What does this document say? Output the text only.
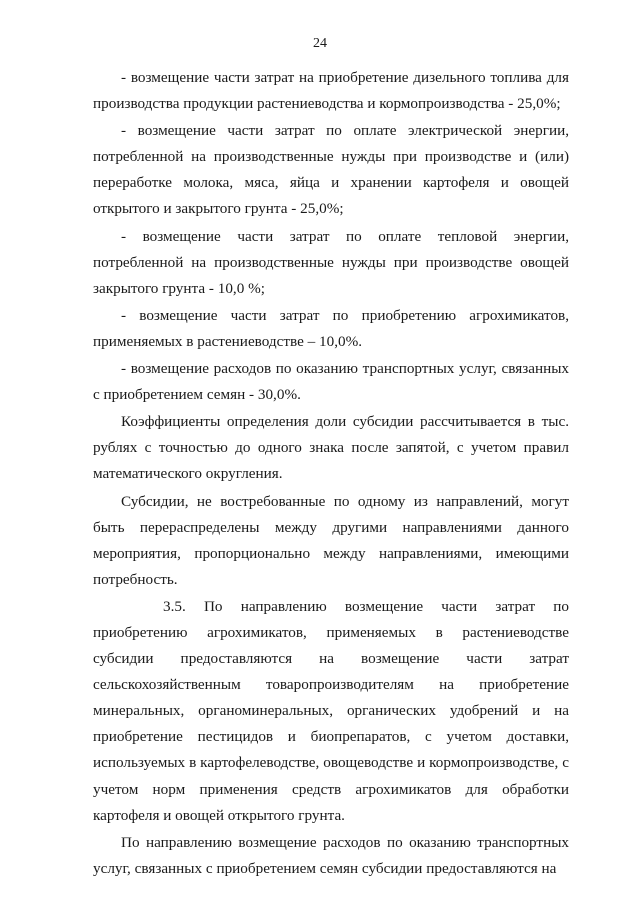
24

- возмещение части затрат на приобретение дизельного топлива для производства продукции растениеводства и кормопроизводства - 25,0%;

- возмещение части затрат по оплате электрической энергии, потребленной на производственные нужды при производстве и (или) переработке молока, мяса, яйца и хранении картофеля и овощей открытого и закрытого грунта - 25,0%;

- возмещение части затрат по оплате тепловой энергии, потребленной на производственные нужды при производстве овощей закрытого грунта - 10,0 %;

- возмещение части затрат по приобретению агрохимикатов, применяемых в растениеводстве – 10,0%.

- возмещение расходов по оказанию транспортных услуг, связанных с приобретением семян - 30,0%.

Коэффициенты определения доли субсидии рассчитывается в тыс. рублях с точностью до одного знака после запятой, с учетом правил математического округления.

Субсидии, не востребованные по одному из направлений, могут быть перераспределены между другими направлениями данного мероприятия, пропорционально между направлениями, имеющими потребность.

3.5. По направлению возмещение части затрат по приобретению агрохимикатов, применяемых в растениеводстве субсидии предоставляются на возмещение части затрат сельскохозяйственным товаропроизводителям на приобретение минеральных, органоминеральных, органических удобрений и на приобретение пестицидов и биопрепаратов, с учетом доставки, используемых в картофелеводстве, овощеводстве и кормопроизводстве, с учетом норм применения средств агрохимикатов для обработки картофеля и овощей открытого грунта.

По направлению возмещение расходов по оказанию транспортных услуг, связанных с приобретением семян субсидии предоставляются на
